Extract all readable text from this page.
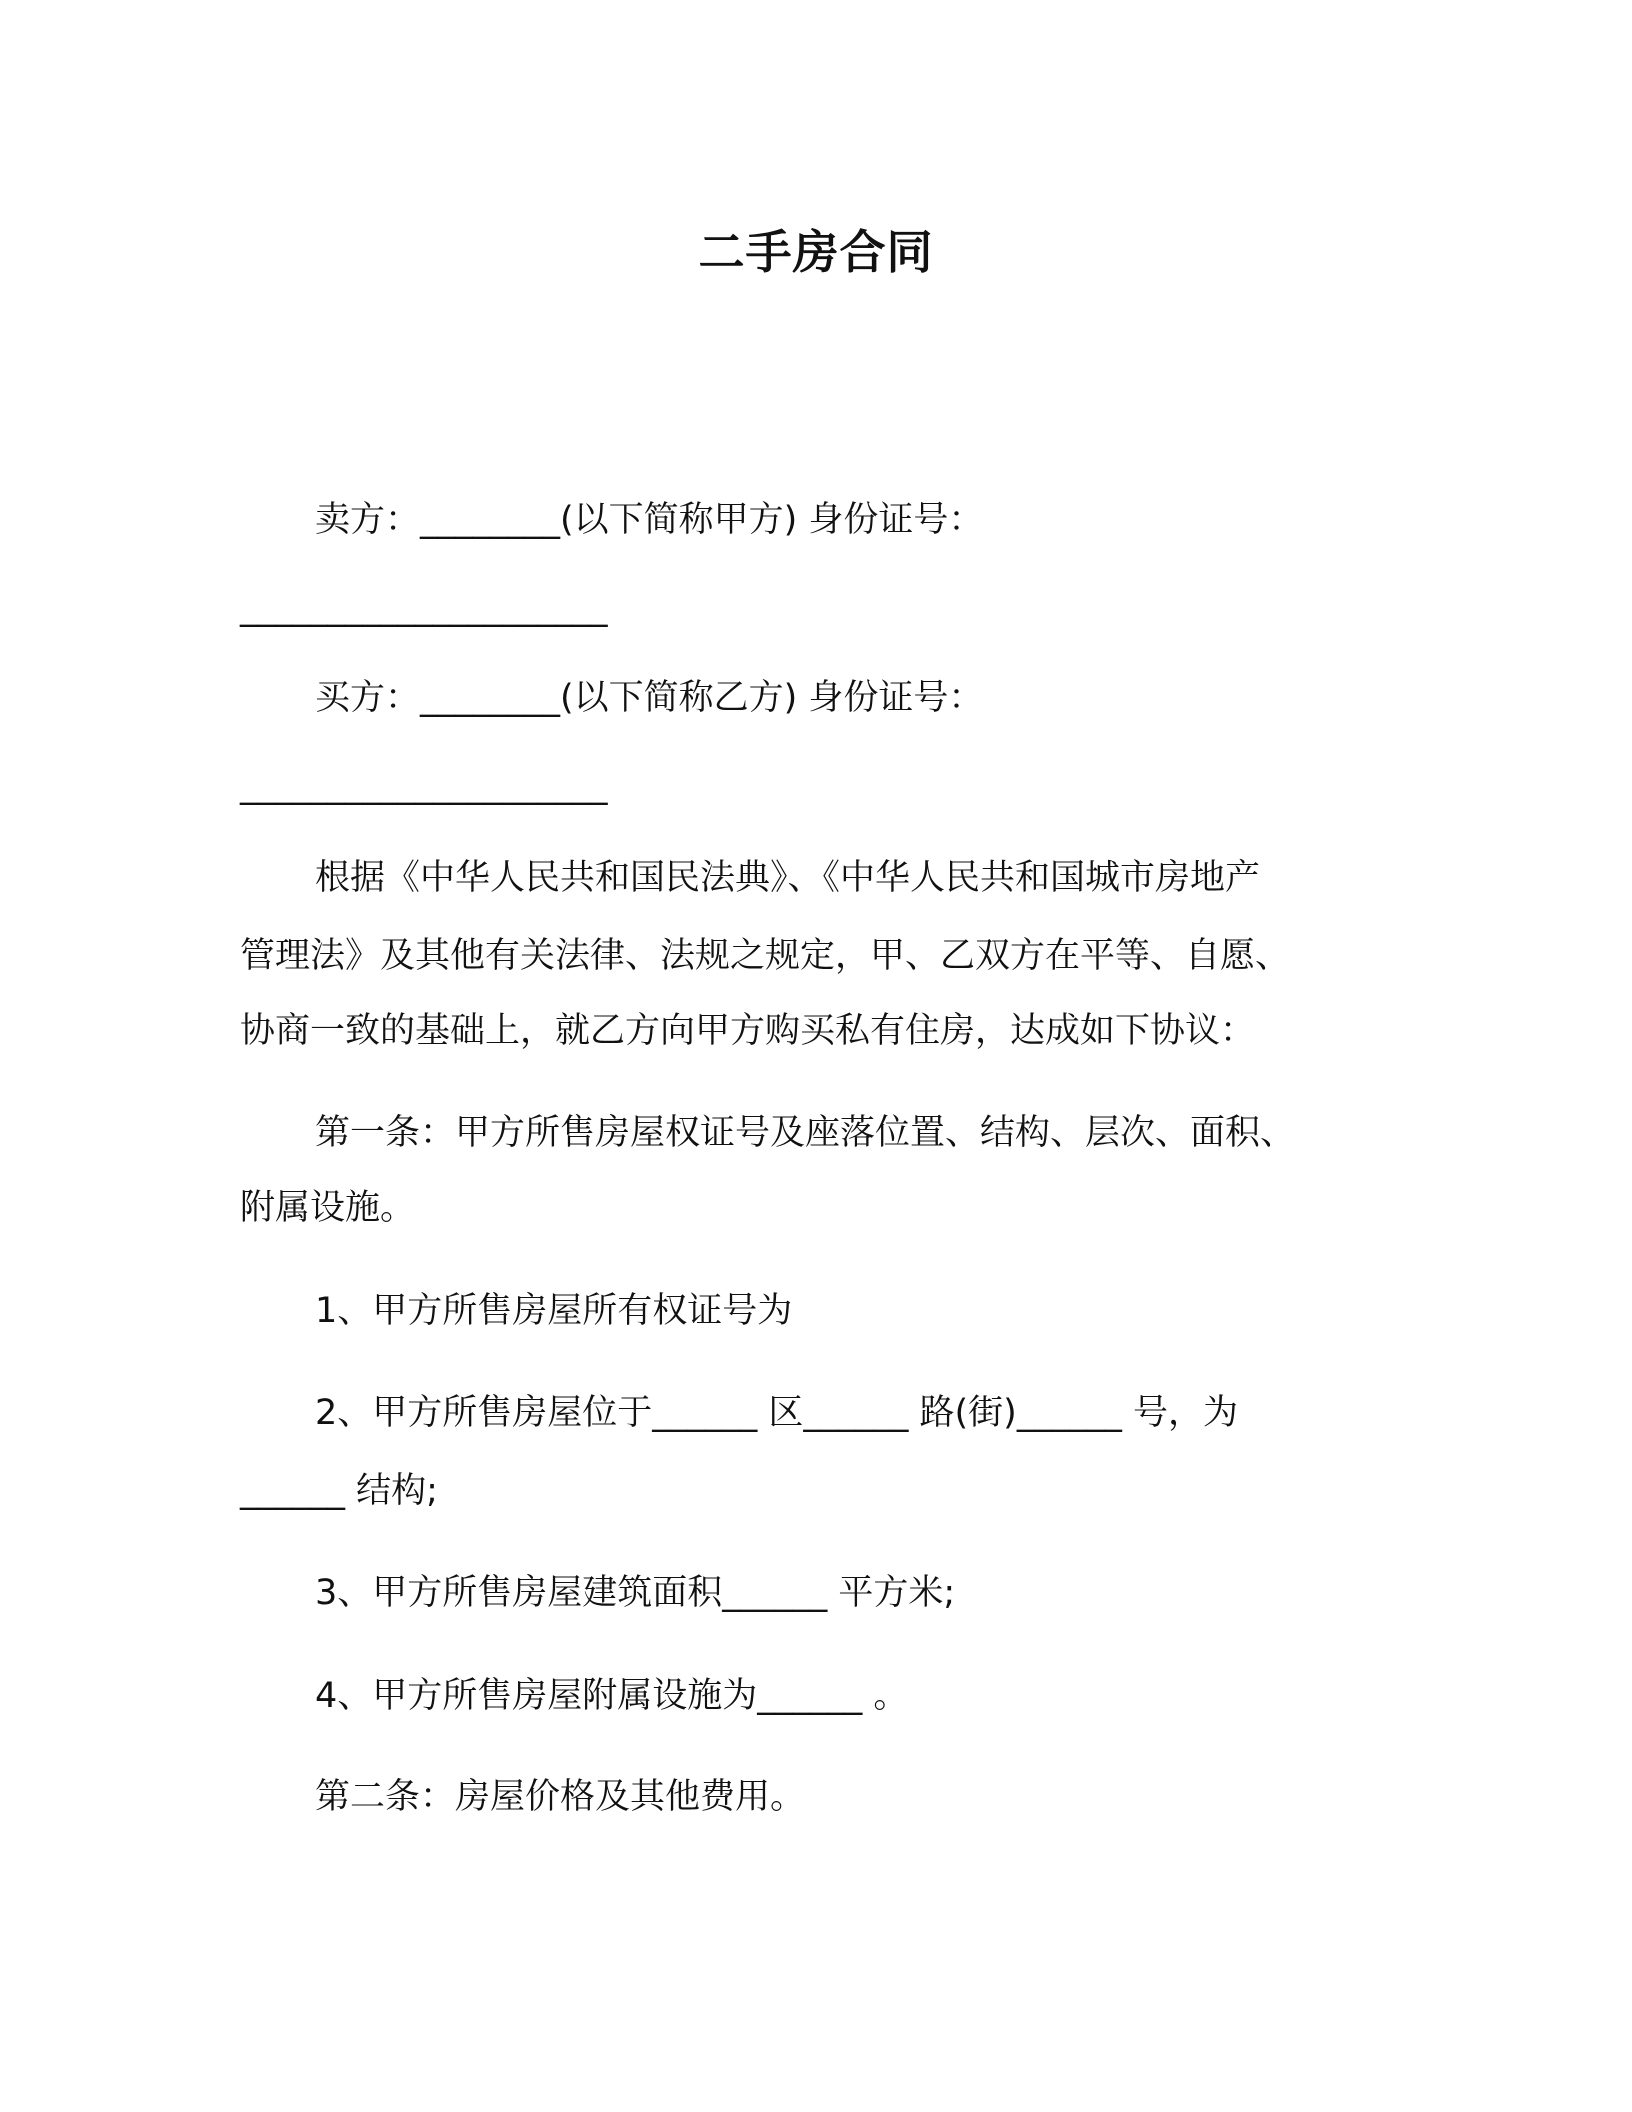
二手房合同
卖方：________(以下简称甲方) 身份证号：
_____________________
买方：________(以下简称乙方) 身份证号：
_____________________
根据《中华人民共和国民法典》、《中华人民共和国城市房地产
管理法》及其他有关法律、法规之规定，甲、乙双方在平等、自愿、
协商一致的基础上，就乙方向甲方购买私有住房，达成如下协议：
第一条：甲方所售房屋权证号及座落位置、结构、层次、面积、
附属设施。
1、甲方所售房屋所有权证号为
2、甲方所售房屋位于______ 区______ 路(街)______ 号，为
______ 结构;
3、甲方所售房屋建筑面积______ 平方米;
4、甲方所售房屋附属设施为______ 。
第二条：房屋价格及其他费用。
